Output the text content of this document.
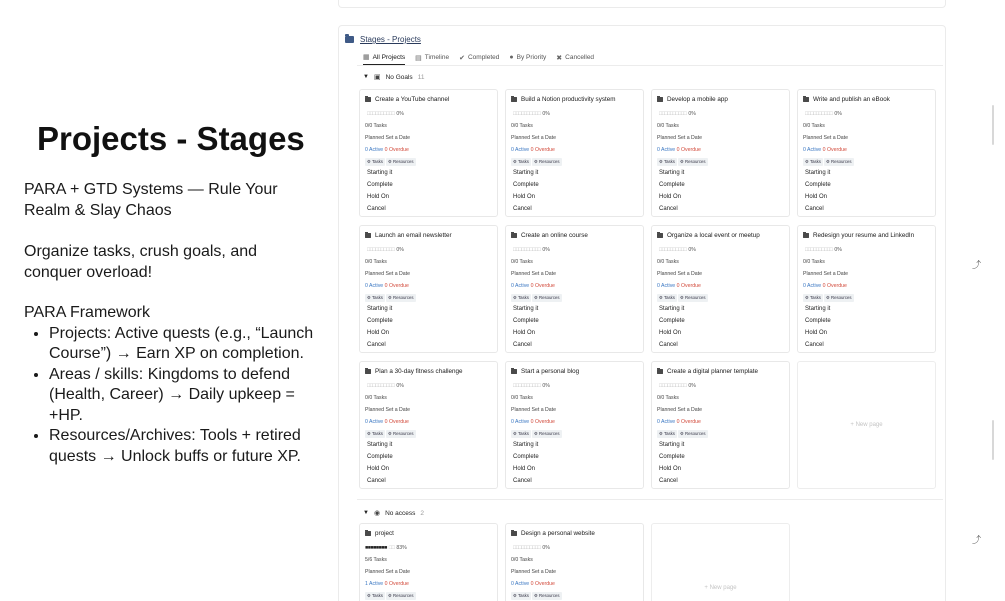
Projects - Stages
PARA + GTD Systems — Rule Your Realm & Slay Chaos
Organize tasks, crush goals, and conquer overload!
PARA Framework
• Projects: Active quests (e.g., “Launch Course”) → Earn XP on completion.
• Areas / skills: Kingdoms to defend (Health, Career) → Daily upkeep = +HP.
• Resources/Archives: Tools + retired quests → Unlock buffs or future XP.
Stages - Projects
▦ All Projects ▤ Timeline ✔ Completed ● By Priority ✖ Cancelled
▼ ▣ No Goals 11
Create a YouTube channel
□□□□□□□□□□ 0%
0/0 Tasks
Planned Set a Date
0 Active 0 Overdue
⚙ Tasks	⚙ Resources
Starting it
Complete
Hold On
Cancel
Build a Notion productivity system
□□□□□□□□□□ 0%
0/0 Tasks
Planned Set a Date
0 Active 0 Overdue
⚙ Tasks	⚙ Resources
Starting it
Complete
Hold On
Cancel
Develop a mobile app
□□□□□□□□□□ 0%
0/0 Tasks
Planned Set a Date
0 Active 0 Overdue
⚙ Tasks	⚙ Resources
Starting it
Complete
Hold On
Cancel
Write and publish an eBook
□□□□□□□□□□ 0%
0/0 Tasks
Planned Set a Date
0 Active 0 Overdue
⚙ Tasks	⚙ Resources
Starting it
Complete
Hold On
Cancel
Launch an email newsletter
□□□□□□□□□□ 0%
0/0 Tasks
Planned Set a Date
0 Active 0 Overdue
⚙ Tasks	⚙ Resources
Starting it
Complete
Hold On
Cancel
Create an online course
□□□□□□□□□□ 0%
0/0 Tasks
Planned Set a Date
0 Active 0 Overdue
⚙ Tasks	⚙ Resources
Starting it
Complete
Hold On
Cancel
Organize a local event or meetup
□□□□□□□□□□ 0%
0/0 Tasks
Planned Set a Date
0 Active 0 Overdue
⚙ Tasks	⚙ Resources
Starting it
Complete
Hold On
Cancel
Redesign your resume and LinkedIn
□□□□□□□□□□ 0%
0/0 Tasks
Planned Set a Date
0 Active 0 Overdue
⚙ Tasks	⚙ Resources
Starting it
Complete
Hold On
Cancel
Plan a 30-day fitness challenge
□□□□□□□□□□ 0%
0/0 Tasks
Planned Set a Date
0 Active 0 Overdue
⚙ Tasks	⚙ Resources
Starting it
Complete
Hold On
Cancel
Start a personal blog
□□□□□□□□□□ 0%
0/0 Tasks
Planned Set a Date
0 Active 0 Overdue
⚙ Tasks	⚙ Resources
Starting it
Complete
Hold On
Cancel
Create a digital planner template
□□□□□□□□□□ 0%
0/0 Tasks
Planned Set a Date
0 Active 0 Overdue
⚙ Tasks	⚙ Resources
Starting it
Complete
Hold On
Cancel
+ New page
project
■■■■■■■■ □□ 83%
5/6 Tasks
Planned Set a Date
1 Active 0 Overdue
⚙ Tasks	⚙ Resources
Design a personal website
□□□□□□□□□□ 0%
0/0 Tasks
Planned Set a Date
0 Active 0 Overdue
⚙ Tasks	⚙ Resources
+ New page
▼ ◉ No access 2
⤴
⤴
